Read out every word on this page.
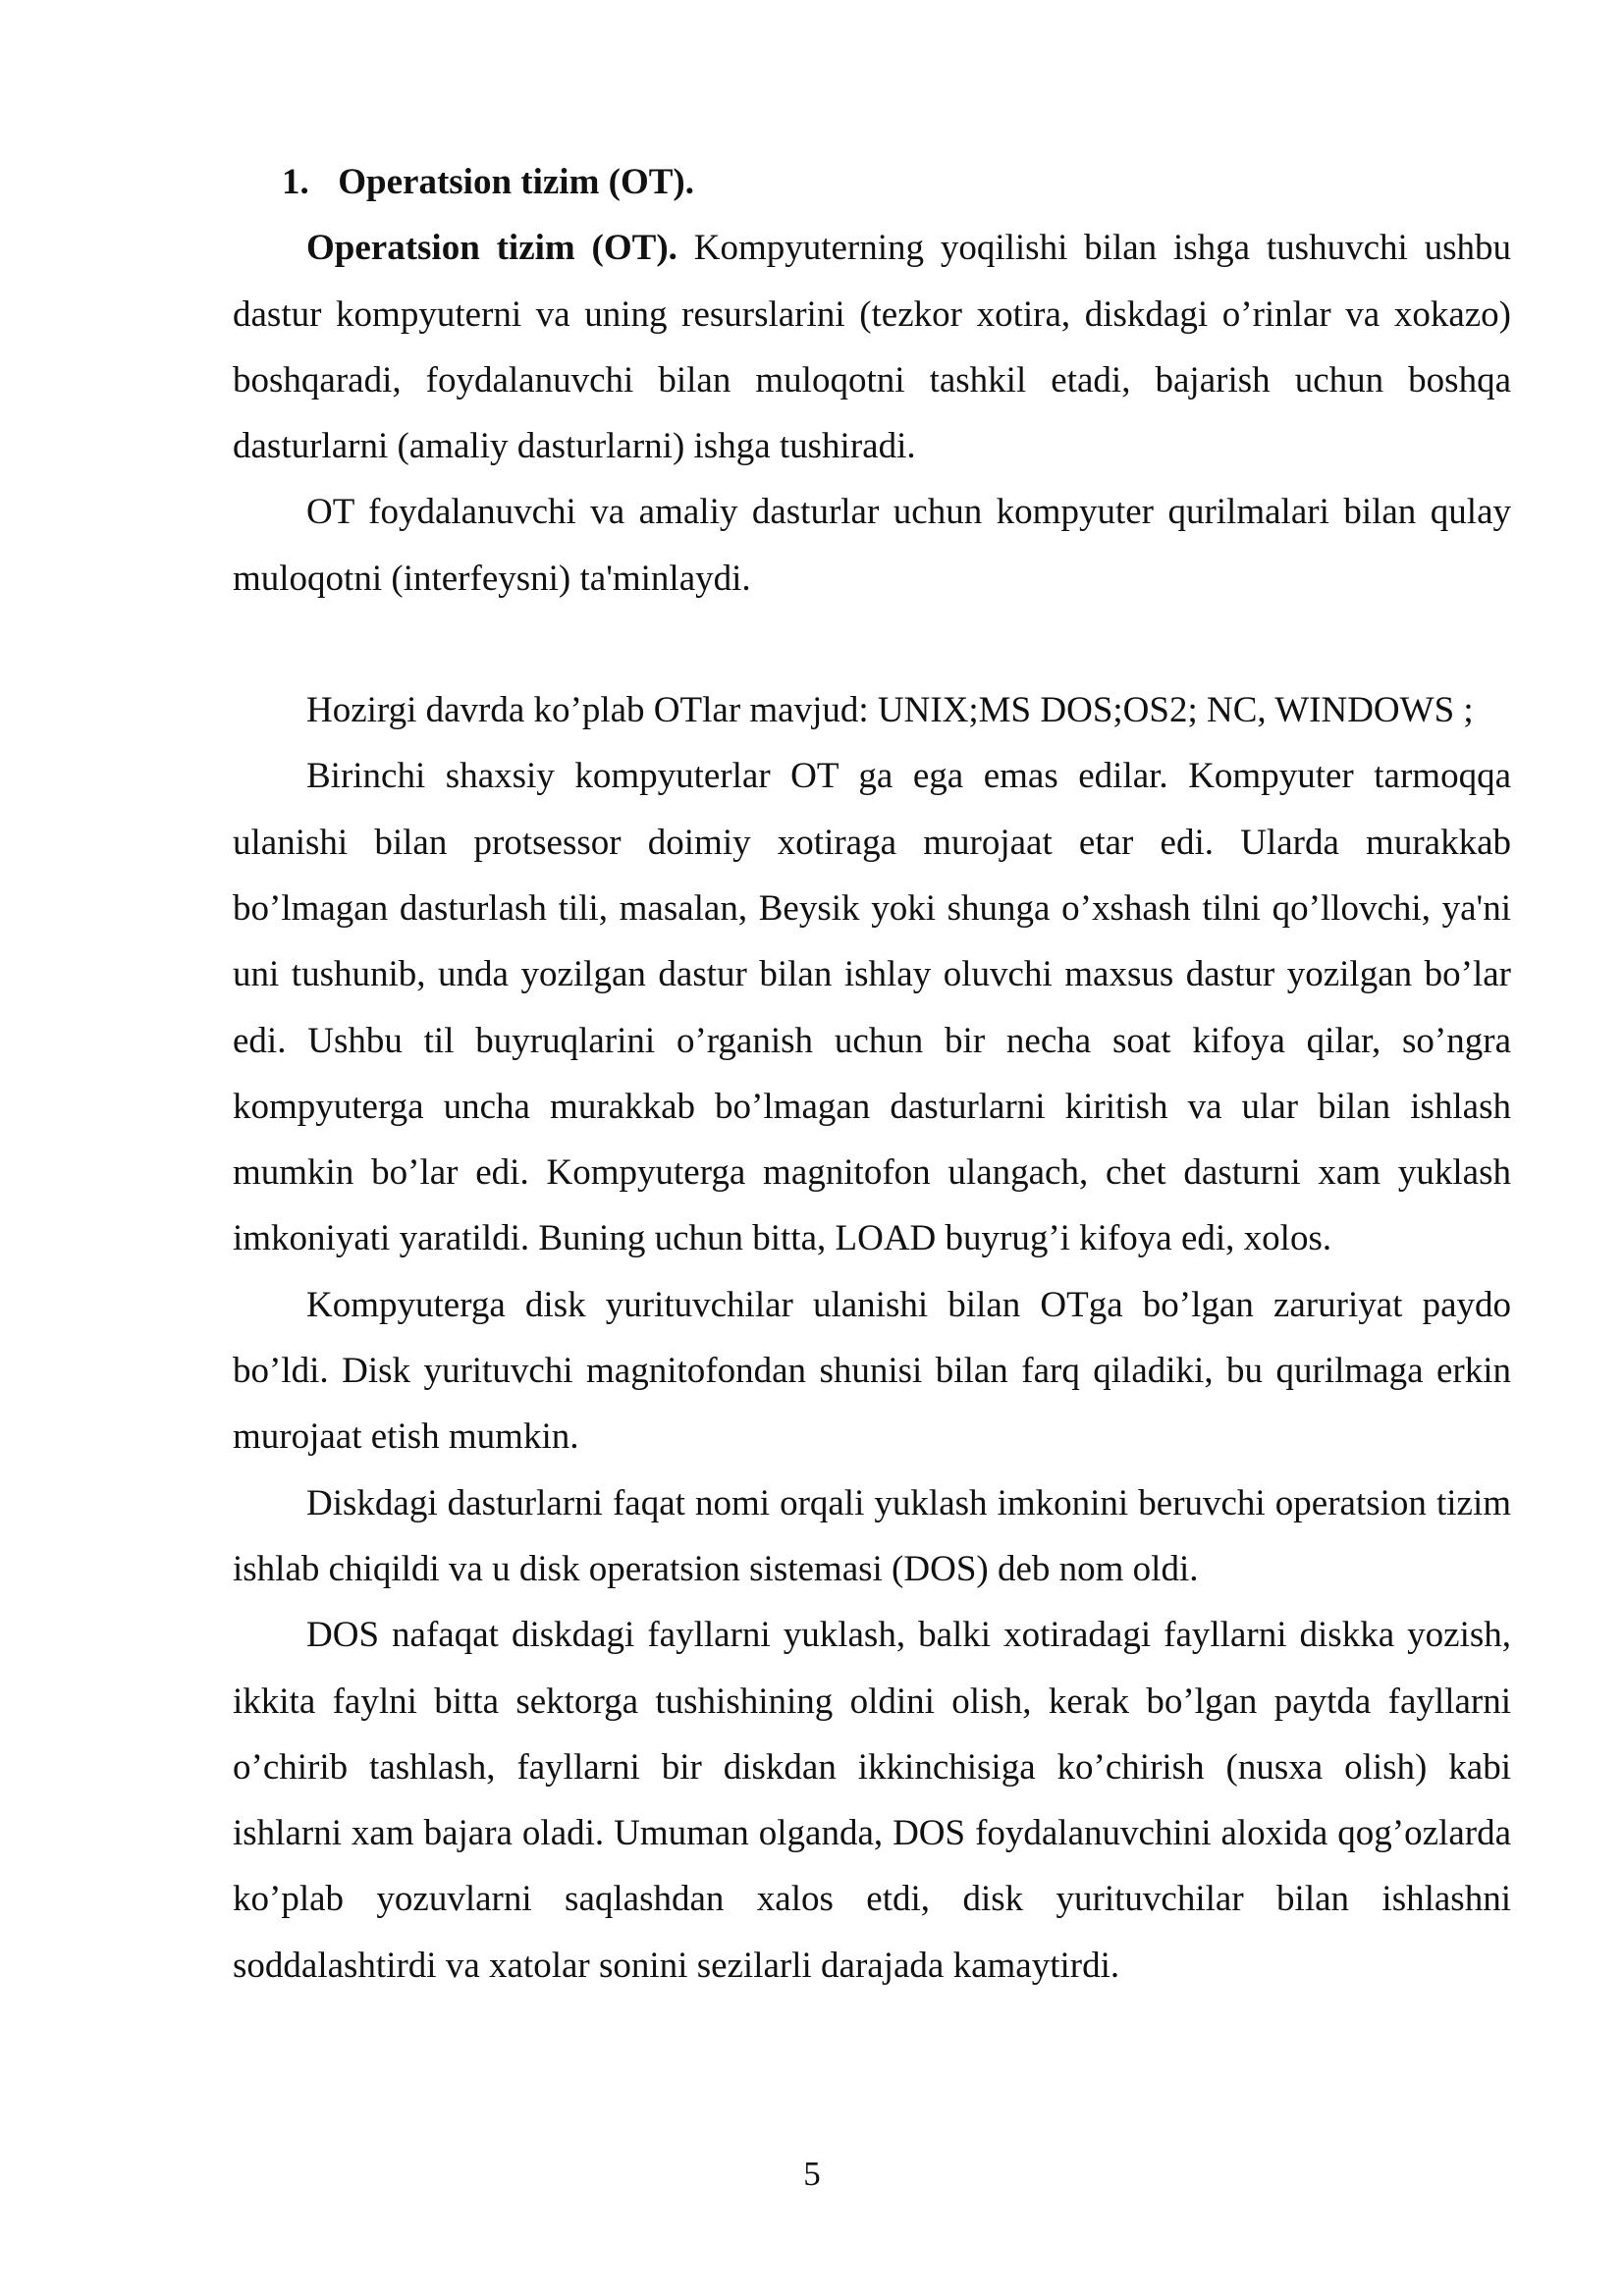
1. Operatsion tizim (OT).

Operatsion tizim (OT). Kompyuterning yoqilishi bilan ishga tushuvchi ushbu dastur kompyuterni va uning resurslarini (tezkor xotira, diskdagi o’rinlar va xokazo) boshqaradi, foydalanuvchi bilan muloqotni tashkil etadi, bajarish uchun boshqa dasturlarni (amaliy dasturlarni) ishga tushiradi.

OT foydalanuvchi va amaliy dasturlar uchun kompyuter qurilmalari bilan qulay muloqotni (interfeysni) ta'minlaydi.

Hozirgi davrda ko’plab OTlar mavjud: UNIX;MS DOS;OS2; NC, WINDOWS ;

Birinchi shaxsiy kompyuterlar OT ga ega emas edilar. Kompyuter tarmoqqa ulanishi bilan protsessor doimiy xotiraga murojaat etar edi. Ularda murakkab bo’lmagan dasturlash tili, masalan, Beysik yoki shunga o’xshash tilni qo’llovchi, ya'ni uni tushunib, unda yozilgan dastur bilan ishlay oluvchi maxsus dastur yozilgan bo’lar edi. Ushbu til buyruqlarini o’rganish uchun bir necha soat kifoya qilar, so’ngra kompyuterga uncha murakkab bo’lmagan dasturlarni kiritish va ular bilan ishlash mumkin bo’lar edi. Kompyuterga magnitofon ulangach, chet dasturni xam yuklash imkoniyati yaratildi. Buning uchun bitta, LOAD buyrug’i kifoya edi, xolos.

Kompyuterga disk yurituvchilar ulanishi bilan OTga bo’lgan zaruriyat paydo bo’ldi. Disk yurituvchi magnitofondan shunisi bilan farq qiladiki, bu qurilmaga erkin murojaat etish mumkin.

Diskdagi dasturlarni faqat nomi orqali yuklash imkonini beruvchi operatsion tizim ishlab chiqildi va u disk operatsion sistemasi (DOS) deb nom oldi.

DOS nafaqat diskdagi fayllarni yuklash, balki xotiradagi fayllarni diskka yozish, ikkita faylni bitta sektorga tushishining oldini olish, kerak bo’lgan paytda fayllarni o’chirib tashlash, fayllarni bir diskdan ikkinchisiga ko’chirish (nusxa olish) kabi ishlarni xam bajara oladi. Umuman olganda, DOS foydalanuvchini aloxida qog’ozlarda ko’plab yozuvlarni saqlashdan xalos etdi, disk yurituvchilar bilan ishlashni soddalashtirdi va xatolar sonini sezilarli darajada kamaytirdi.

5
